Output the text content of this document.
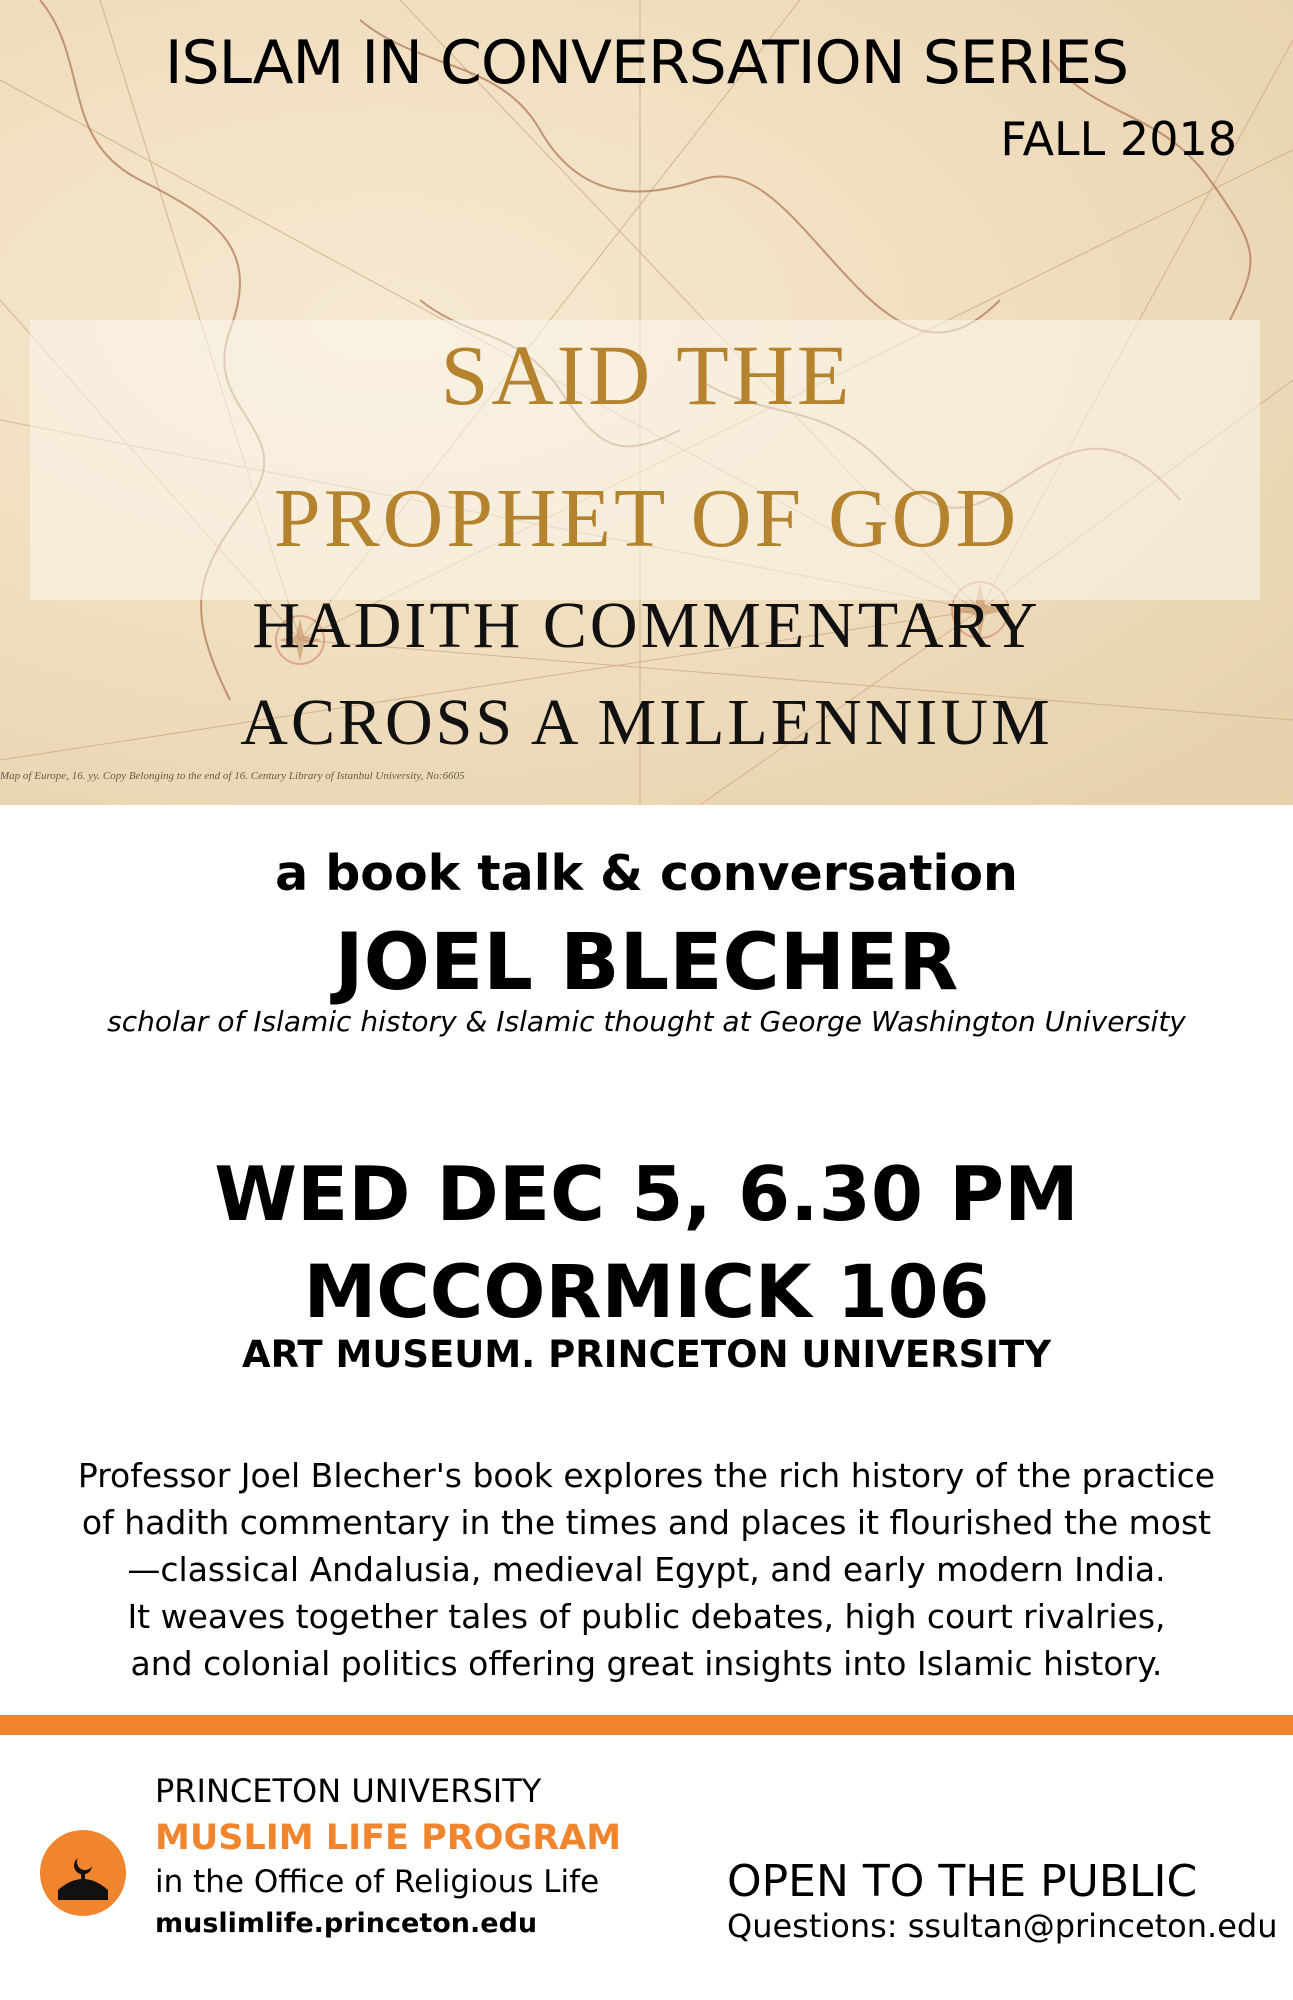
ISLAM IN CONVERSATION SERIES
FALL 2018
SAID THE
PROPHET OF GOD
HADITH COMMENTARY
ACROSS A MILLENNIUM
Map of Europe, 16. yy. Copy Belonging to the end of 16. Century Library of Istanbul University, No:6605
a book talk & conversation
JOEL BLECHER
scholar of Islamic history & Islamic thought at George Washington University
WED DEC 5, 6.30 PM
MCCORMICK 106
ART MUSEUM. PRINCETON UNIVERSITY
Professor Joel Blecher's book explores the rich history of the practice
of hadith commentary in the times and places it flourished the most
—classical Andalusia, medieval Egypt, and early modern India.
It weaves together tales of public debates, high court rivalries,
and colonial politics offering great insights into Islamic history.
PRINCETON UNIVERSITY
MUSLIM LIFE PROGRAM
in the Office of Religious Life
muslimlife.princeton.edu
OPEN TO THE PUBLIC
Questions: ssultan@princeton.edu
